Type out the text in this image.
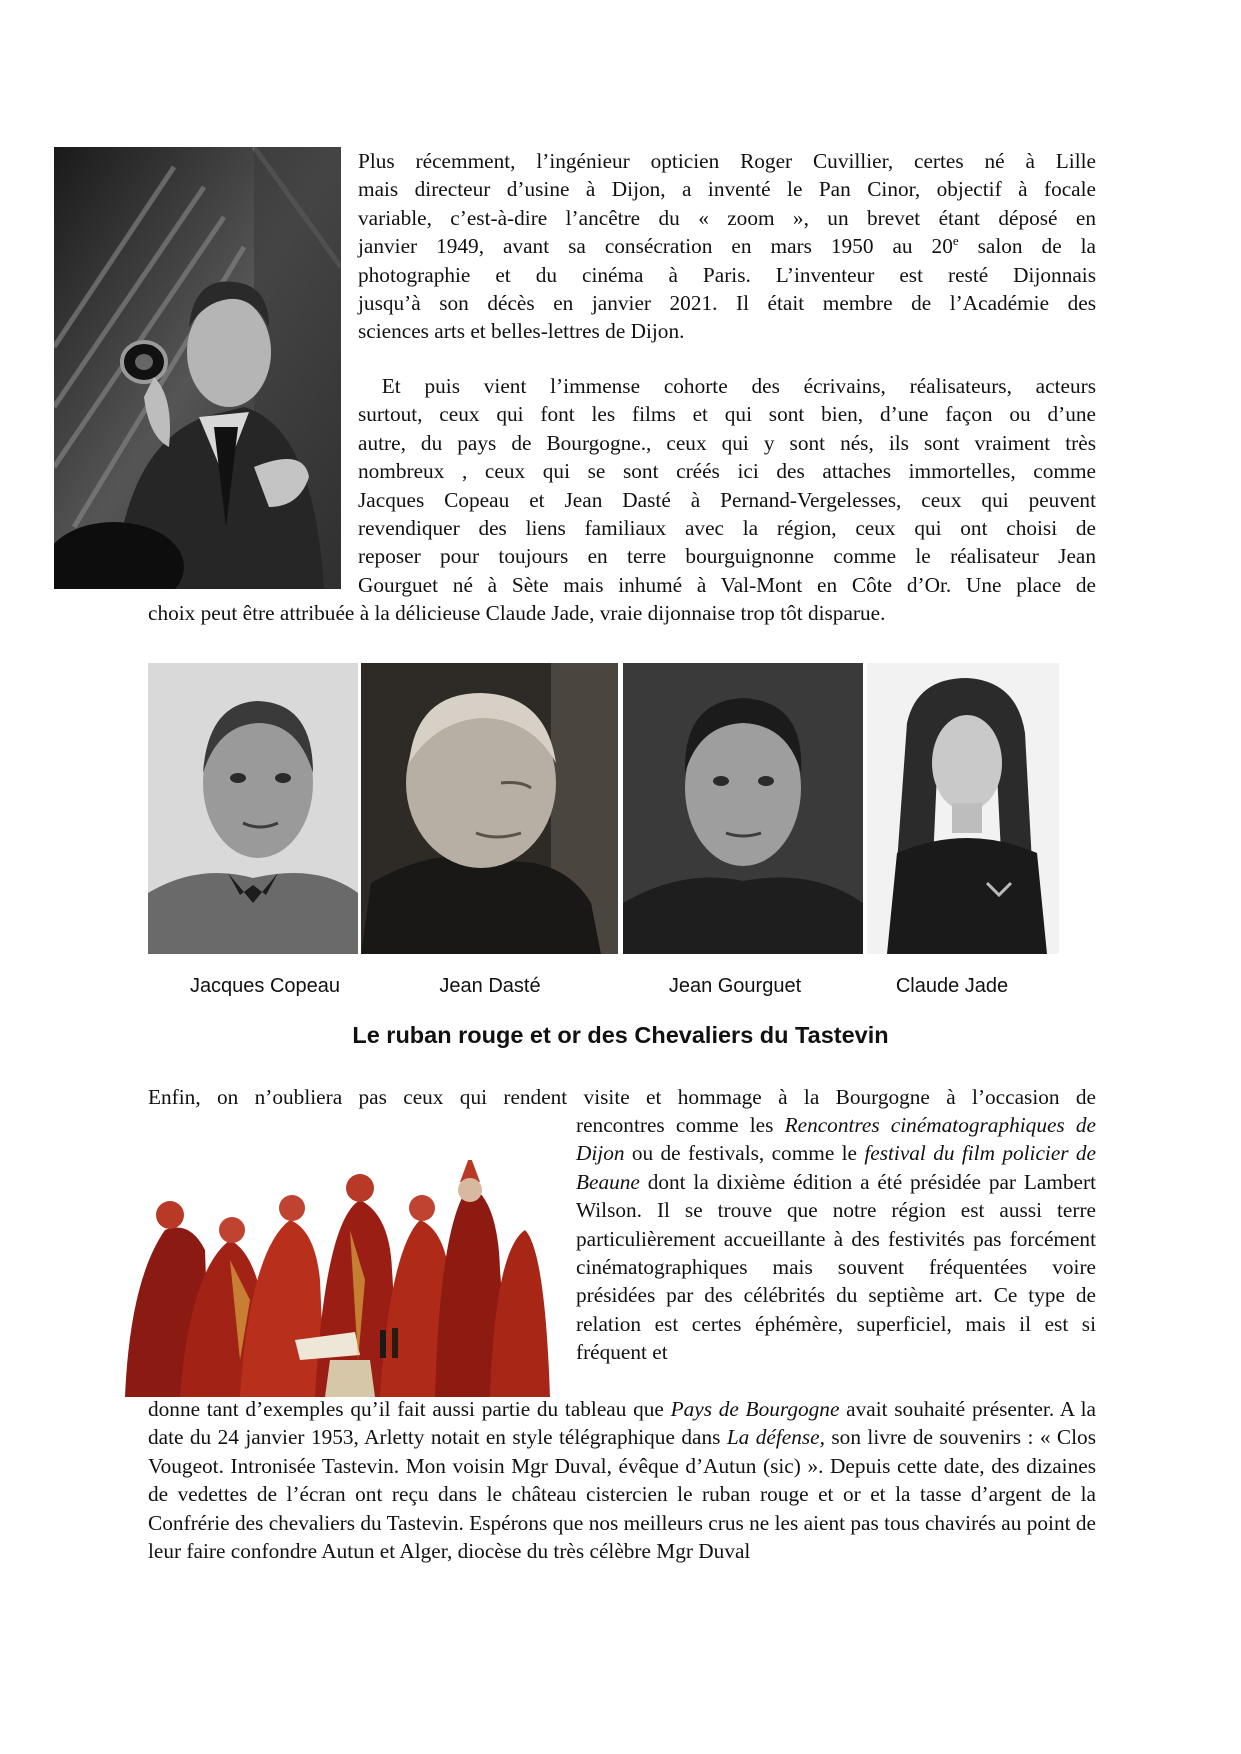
Plus récemment, l’ingénieur opticien Roger Cuvillier, certes né à Lille
mais directeur d’usine à Dijon, a inventé le Pan Cinor, objectif à focale
variable, c’est-à-dire l’ancêtre du « zoom », un brevet étant déposé en
janvier 1949, avant sa consécration en mars 1950 au 20e salon de la
photographie et du cinéma à Paris. L’inventeur est resté Dijonnais
jusqu’à son décès en janvier 2021. Il était membre de l’Académie des
sciences arts et belles-lettres de Dijon.
Et puis vient l’immense cohorte des écrivains, réalisateurs, acteurs
surtout, ceux qui font les films et qui sont bien, d’une façon ou d’une
autre, du pays de Bourgogne., ceux qui y sont nés, ils sont vraiment très
nombreux , ceux qui se sont créés ici des attaches immortelles, comme
Jacques Copeau et Jean Dasté à Pernand-Vergelesses, ceux qui peuvent
revendiquer des liens familiaux avec la région, ceux qui ont choisi de
reposer pour toujours en terre bourguignonne comme le réalisateur Jean
Gourguet né à Sète mais inhumé à Val-Mont en Côte d’Or. Une place de
choix peut être attribuée à la délicieuse Claude Jade, vraie dijonnaise trop tôt disparue.
Jacques Copeau	Jean Dasté	Jean Gourguet	Claude Jade
Le ruban rouge et or des Chevaliers du Tastevin
Enfin, on n’oubliera pas ceux qui rendent visite et hommage à la Bourgogne à l’occasion de
rencontres comme les Rencontres cinématographiques de Dijon ou de festivals, comme le festival du film policier de Beaune dont la dixième édition a été présidée par Lambert Wilson. Il se trouve que notre région est aussi terre particulièrement accueillante à des festivités pas forcément cinématographiques mais souvent fréquentées voire présidées par des célébrités du septième art. Ce type de relation est certes éphémère, superficiel, mais il est si fréquent et
donne tant d’exemples qu’il fait aussi partie du tableau que Pays de Bourgogne avait souhaité présenter. A la date du 24 janvier 1953, Arletty notait en style télégraphique dans La défense, son livre de souvenirs : « Clos Vougeot. Intronisée Tastevin. Mon voisin Mgr Duval, évêque d’Autun (sic) ». Depuis cette date, des dizaines de vedettes de l’écran ont reçu dans le château cistercien le ruban rouge et or et la tasse d’argent de la Confrérie des chevaliers du Tastevin. Espérons que nos meilleurs crus ne les aient pas tous chavirés au point de leur faire confondre Autun et Alger, diocèse du très célèbre Mgr Duval
